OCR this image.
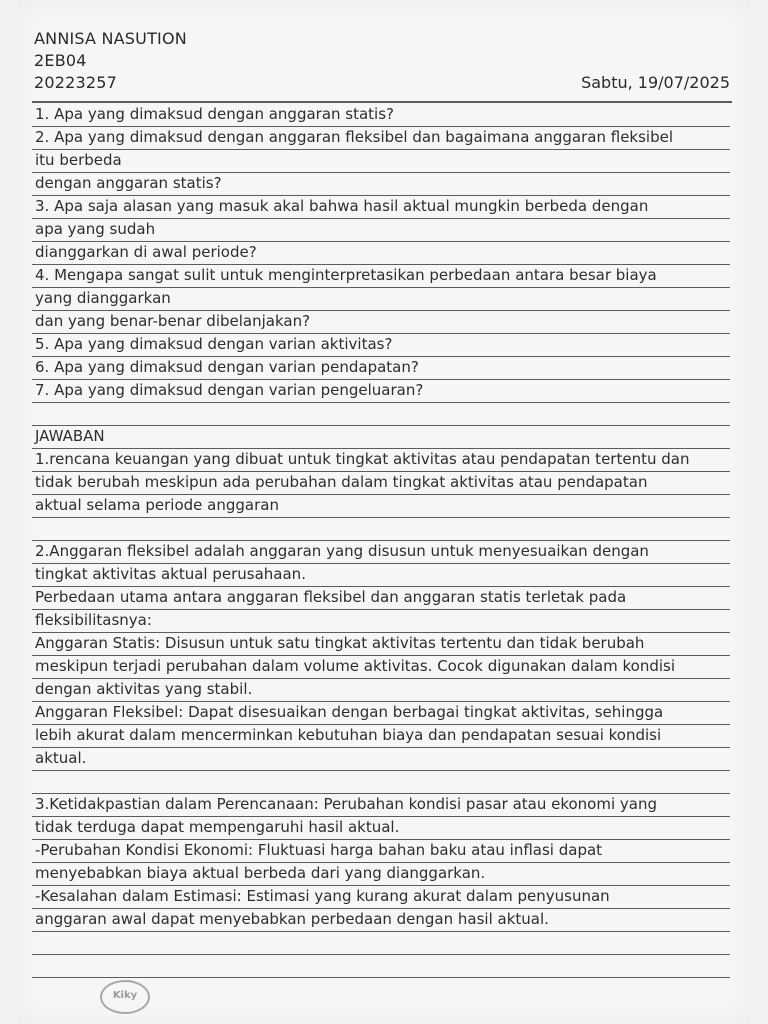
ANNISA NASUTION
2EB04
20223257	Sabtu, 19/07/2025
1. Apa yang dimaksud dengan anggaran statis?
2. Apa yang dimaksud dengan anggaran fleksibel dan bagaimana anggaran fleksibel
itu berbeda
dengan anggaran statis?
3. Apa saja alasan yang masuk akal bahwa hasil aktual mungkin berbeda dengan
apa yang sudah
dianggarkan di awal periode?
4. Mengapa sangat sulit untuk menginterpretasikan perbedaan antara besar biaya
yang dianggarkan
dan yang benar-benar dibelanjakan?
5. Apa yang dimaksud dengan varian aktivitas?
6. Apa yang dimaksud dengan varian pendapatan?
7. Apa yang dimaksud dengan varian pengeluaran?
JAWABAN
1.rencana keuangan yang dibuat untuk tingkat aktivitas atau pendapatan tertentu dan
tidak berubah meskipun ada perubahan dalam tingkat aktivitas atau pendapatan
aktual selama periode anggaran
2.Anggaran fleksibel adalah anggaran yang disusun untuk menyesuaikan dengan
tingkat aktivitas aktual perusahaan.
Perbedaan utama antara anggaran fleksibel dan anggaran statis terletak pada
fleksibilitasnya:
Anggaran Statis: Disusun untuk satu tingkat aktivitas tertentu dan tidak berubah
meskipun terjadi perubahan dalam volume aktivitas. Cocok digunakan dalam kondisi
dengan aktivitas yang stabil.
Anggaran Fleksibel: Dapat disesuaikan dengan berbagai tingkat aktivitas, sehingga
lebih akurat dalam mencerminkan kebutuhan biaya dan pendapatan sesuai kondisi
aktual.
3.Ketidakpastian dalam Perencanaan: Perubahan kondisi pasar atau ekonomi yang
tidak terduga dapat mempengaruhi hasil aktual.
-Perubahan Kondisi Ekonomi: Fluktuasi harga bahan baku atau inflasi dapat
menyebabkan biaya aktual berbeda dari yang dianggarkan.
-Kesalahan dalam Estimasi: Estimasi yang kurang akurat dalam penyusunan
anggaran awal dapat menyebabkan perbedaan dengan hasil aktual.
Kiky
